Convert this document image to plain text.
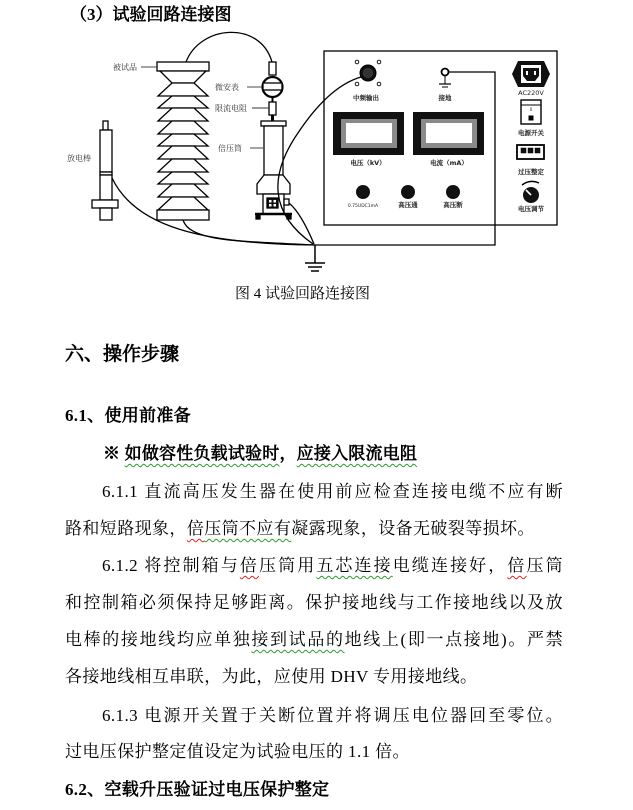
中频输出	接地
电压（kV）	电流（mA）
0.75UDC1mA	高压通	高压断
AC220V
0
电源开关
过压整定
电压调节
被试品
微安表
限流电阻
倍压筒
放电棒
（3）试验回路连接图
图 4 试验回路连接图
六、操作步骤
6.1、使用前准备
※ 如做容性负载试验时，应接入限流电阻
6.1.1 直流高压发生器在使用前应检查连接电缆不应有断
路和短路现象，倍压筒不应有凝露现象，设备无破裂等损坏。
6.1.2 将控制箱与倍压筒用五芯连接电缆连接好，倍压筒
和控制箱必须保持足够距离。保护接地线与工作接地线以及放
电棒的接地线均应单独接到试品的地线上(即一点接地)。严禁
各接地线相互串联，为此，应使用 DHV 专用接地线。
6.1.3 电源开关置于关断位置并将调压电位器回至零位。
过电压保护整定值设定为试验电压的 1.1 倍。
6.2、空载升压验证过电压保护整定
